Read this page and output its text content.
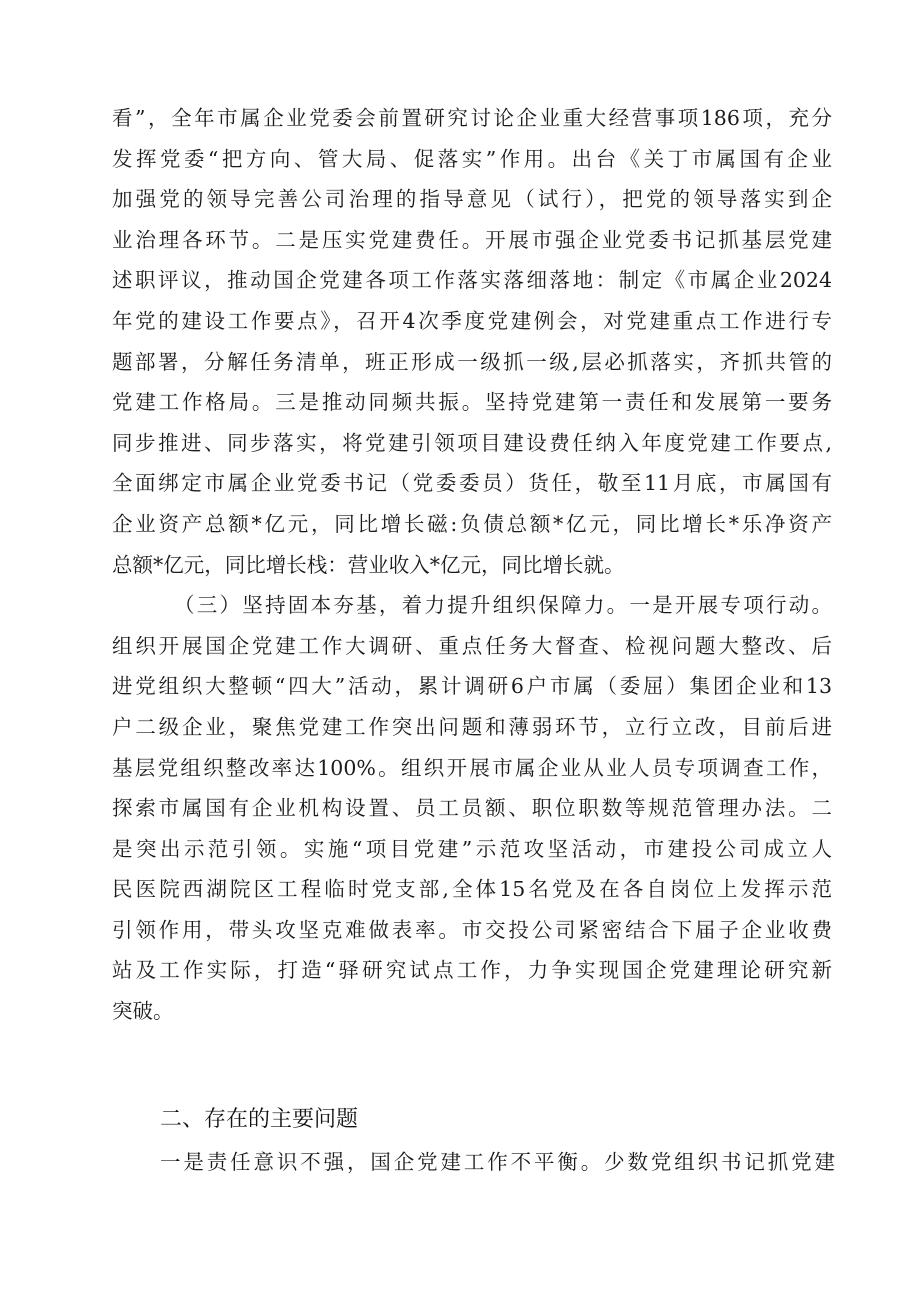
看”，全年市属企业党委会前置研究讨论企业重大经营事项186项，充分
发挥党委“把方向、管大局、促落实”作用。出台《关丁市属国有企业
加强党的领导完善公司治理的指导意见（试行），把党的领导落实到企
业治理各环节。二是压实党建费任。开展市强企业党委书记抓基层党建
述职评议，推动国企党建各项工作落实落细落地：制定《市属企业2024
年党的建设工作要点》，召开4次季度党建例会，对党建重点工作进行专
题部署，分解任务清单，班正形成一级抓一级,层必抓落实，齐抓共管的
党建工作格局。三是推动同频共振。坚持党建第一责任和发展第一要务
同步推进、同步落实，将党建引领项目建设费任纳入年度党建工作要点,
全面绑定市属企业党委书记（党委委员）货任，敬至11月底，市属国有
企业资产总额*亿元，同比增长磁:负债总额*亿元，同比增长*乐净资产
总额*亿元，同比增长栈：营业收入*亿元，同比增长就。
（三）坚持固本夯基，着力提升组织保障力。一是开展专项行动。
组织开展国企党建工作大调研、重点任务大督查、检视问题大整改、后
进党组织大整顿“四大”活动，累计调研6户市属（委屈）集团企业和13
户二级企业，聚焦党建工作突出问题和薄弱环节，立行立改，目前后进
基层党组织整改率达100%。组织开展市属企业从业人员专项调查工作，
探索市属国有企业机构设置、员工员额、职位职数等规范管理办法。二
是突出示范引领。实施“项目党建”示范攻坚活动，市建投公司成立人
民医院西湖院区工程临时党支部,全体15名党及在各自岗位上发挥示范
引领作用，带头攻坚克难做表率。市交投公司紧密结合下届子企业收费
站及工作实际，打造“驿研究试点工作，力争实现国企党建理论研究新
突破。
二、存在的主要问题
一是责任意识不强，国企党建工作不平衡。少数党组织书记抓党建
